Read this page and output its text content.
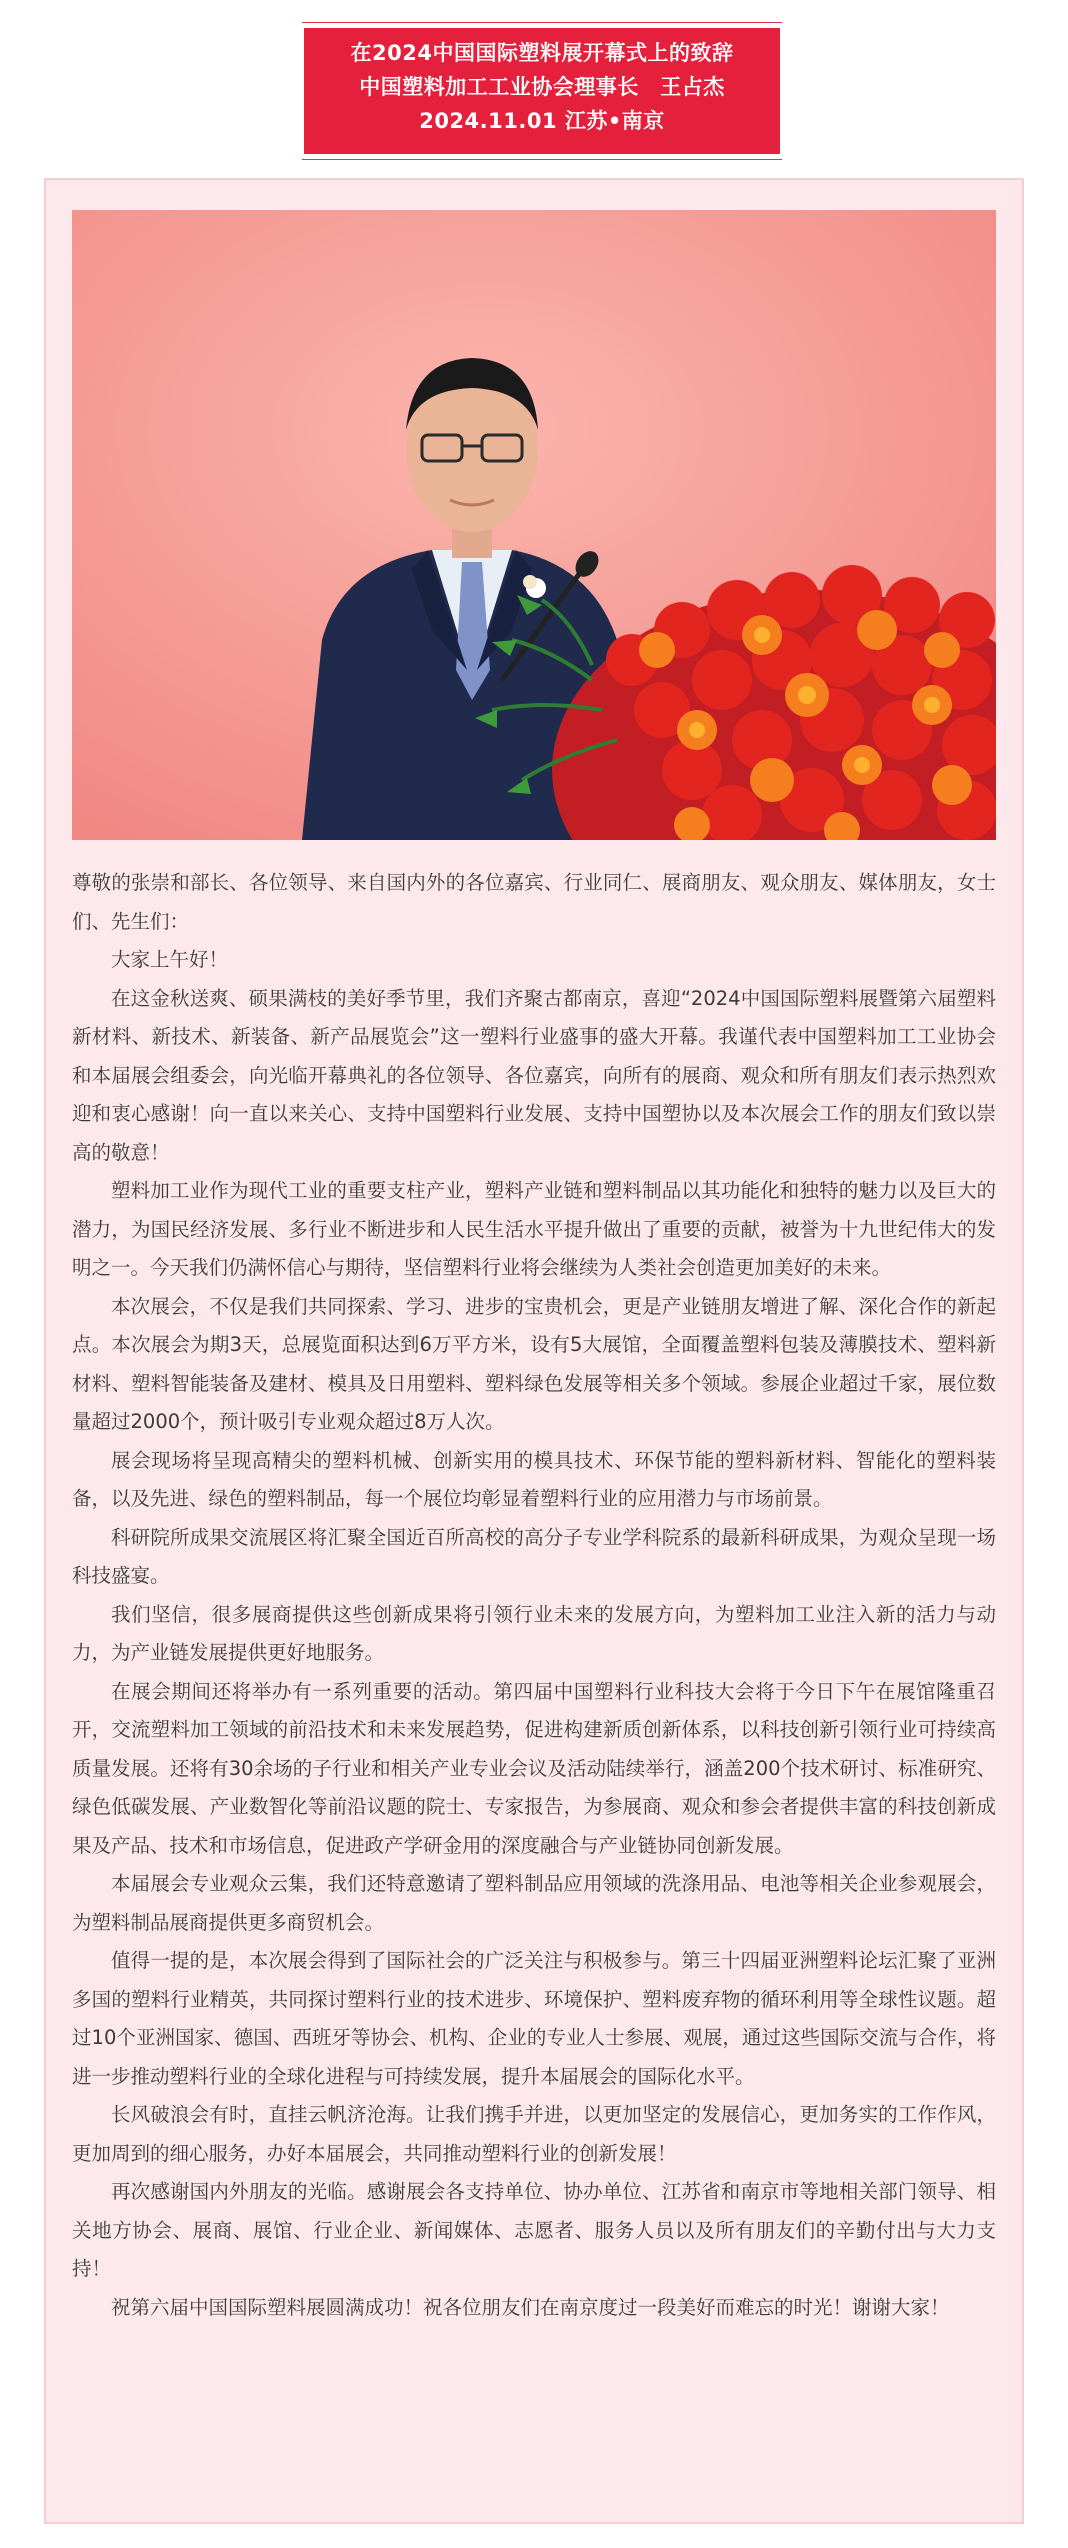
在2024中国国际塑料展开幕式上的致辞
中国塑料加工工业协会理事长　王占杰
2024.11.01 江苏•南京

尊敬的张崇和部长、各位领导、来自国内外的各位嘉宾、行业同仁、展商朋友、观众朋友、媒体朋友，女士们、先生们：

大家上午好！

在这金秋送爽、硕果满枝的美好季节里，我们齐聚古都南京，喜迎“2024中国国际塑料展暨第六届塑料新材料、新技术、新装备、新产品展览会”这一塑料行业盛事的盛大开幕。我谨代表中国塑料加工工业协会和本届展会组委会，向光临开幕典礼的各位领导、各位嘉宾，向所有的展商、观众和所有朋友们表示热烈欢迎和衷心感谢！向一直以来关心、支持中国塑料行业发展、支持中国塑协以及本次展会工作的朋友们致以崇高的敬意！

塑料加工业作为现代工业的重要支柱产业，塑料产业链和塑料制品以其功能化和独特的魅力以及巨大的潜力，为国民经济发展、多行业不断进步和人民生活水平提升做出了重要的贡献，被誉为十九世纪伟大的发明之一。今天我们仍满怀信心与期待，坚信塑料行业将会继续为人类社会创造更加美好的未来。

本次展会，不仅是我们共同探索、学习、进步的宝贵机会，更是产业链朋友增进了解、深化合作的新起点。本次展会为期3天，总展览面积达到6万平方米，设有5大展馆，全面覆盖塑料包装及薄膜技术、塑料新材料、塑料智能装备及建材、模具及日用塑料、塑料绿色发展等相关多个领域。参展企业超过千家，展位数量超过2000个，预计吸引专业观众超过8万人次。

展会现场将呈现高精尖的塑料机械、创新实用的模具技术、环保节能的塑料新材料、智能化的塑料装备，以及先进、绿色的塑料制品，每一个展位均彰显着塑料行业的应用潜力与市场前景。

科研院所成果交流展区将汇聚全国近百所高校的高分子专业学科院系的最新科研成果，为观众呈现一场科技盛宴。

我们坚信，很多展商提供这些创新成果将引领行业未来的发展方向，为塑料加工业注入新的活力与动力，为产业链发展提供更好地服务。

在展会期间还将举办有一系列重要的活动。第四届中国塑料行业科技大会将于今日下午在展馆隆重召开，交流塑料加工领域的前沿技术和未来发展趋势，促进构建新质创新体系，以科技创新引领行业可持续高质量发展。还将有30余场的子行业和相关产业专业会议及活动陆续举行，涵盖200个技术研讨、标准研究、绿色低碳发展、产业数智化等前沿议题的院士、专家报告，为参展商、观众和参会者提供丰富的科技创新成果及产品、技术和市场信息，促进政产学研金用的深度融合与产业链协同创新发展。

本届展会专业观众云集，我们还特意邀请了塑料制品应用领域的洗涤用品、电池等相关企业参观展会，为塑料制品展商提供更多商贸机会。

值得一提的是，本次展会得到了国际社会的广泛关注与积极参与。第三十四届亚洲塑料论坛汇聚了亚洲多国的塑料行业精英，共同探讨塑料行业的技术进步、环境保护、塑料废弃物的循环利用等全球性议题。超过10个亚洲国家、德国、西班牙等协会、机构、企业的专业人士参展、观展，通过这些国际交流与合作，将进一步推动塑料行业的全球化进程与可持续发展，提升本届展会的国际化水平。

长风破浪会有时，直挂云帆济沧海。让我们携手并进，以更加坚定的发展信心，更加务实的工作作风，更加周到的细心服务，办好本届展会，共同推动塑料行业的创新发展！

再次感谢国内外朋友的光临。感谢展会各支持单位、协办单位、江苏省和南京市等地相关部门领导、相关地方协会、展商、展馆、行业企业、新闻媒体、志愿者、服务人员以及所有朋友们的辛勤付出与大力支持！

祝第六届中国国际塑料展圆满成功！祝各位朋友们在南京度过一段美好而难忘的时光！谢谢大家！
